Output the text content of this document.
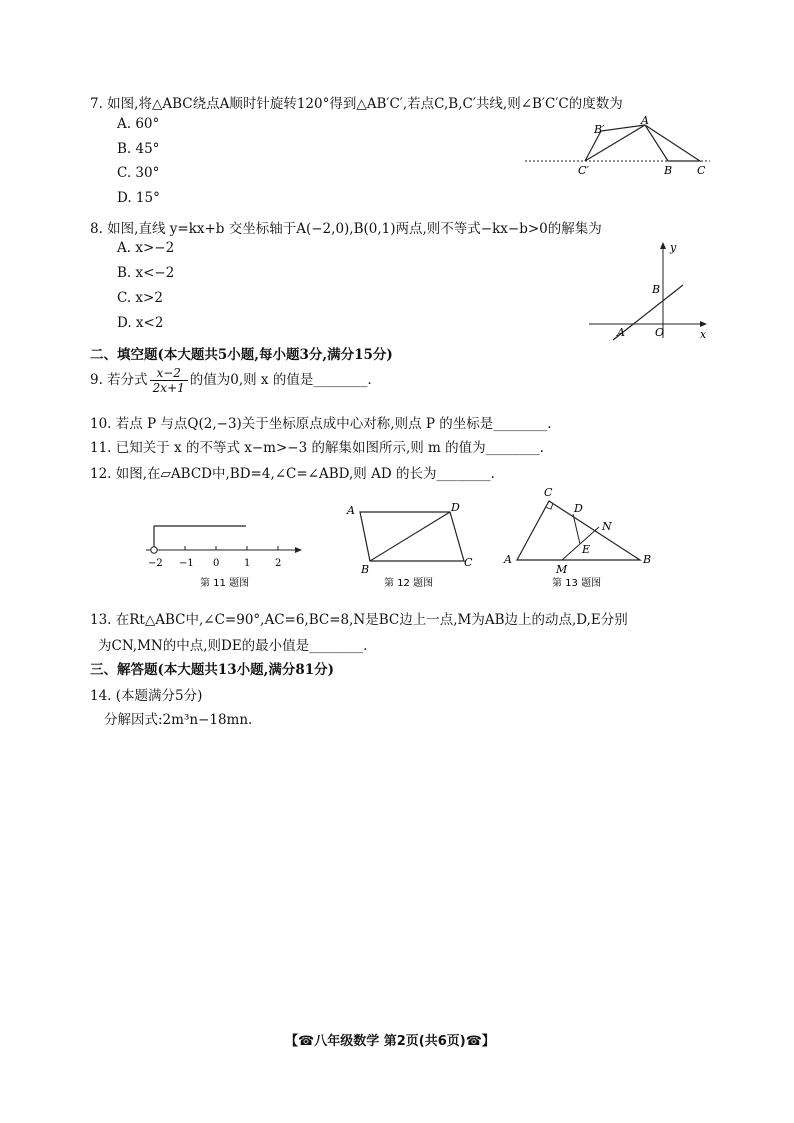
7. 如图,将△ABC绕点A顺时针旋转120°得到△AB′C′,若点C,B,C′共线,则∠B′C′C的度数为
A. 60°
B. 45°
C. 30°
D. 15°
B′
A
C′	B C
8. 如图,直线 y=kx+b 交坐标轴于A(−2,0),B(0,1)两点,则不等式−kx−b>0的解集为
A. x>−2
B. x<−2
C. x>2
D. x<2
y
x
B
A	O
二、填空题(本大题共5小题,每小题3分,满分15分)
9. 若分式 $\frac{x-2}{2x+1}$ 的值为0,则 x 的值是________.
10. 若点 P 与点Q(2,−3)关于坐标原点成中心对称,则点 P 的坐标是________.
11. 已知关于 x 的不等式 x−m>−3 的解集如图所示,则 m 的值为________.
12. 如图,在▱ABCD中,BD=4,∠C=∠ABD,则 AD 的长为________.
−2 −1 0 1 2
第 11 题图
A	D
B
C
第 12 题图
C
D
N
E
A
M
B
第 13 题图
13. 在Rt△ABC中,∠C=90°,AC=6,BC=8,N是BC边上一点,M为AB边上的动点,D,E分别
为CN,MN的中点,则DE的最小值是________.
三、解答题(本大题共13小题,满分81分)
14. (本题满分5分)
分解因式:2m³n−18mn.
【☎八年级数学 第2页(共6页)☎】
